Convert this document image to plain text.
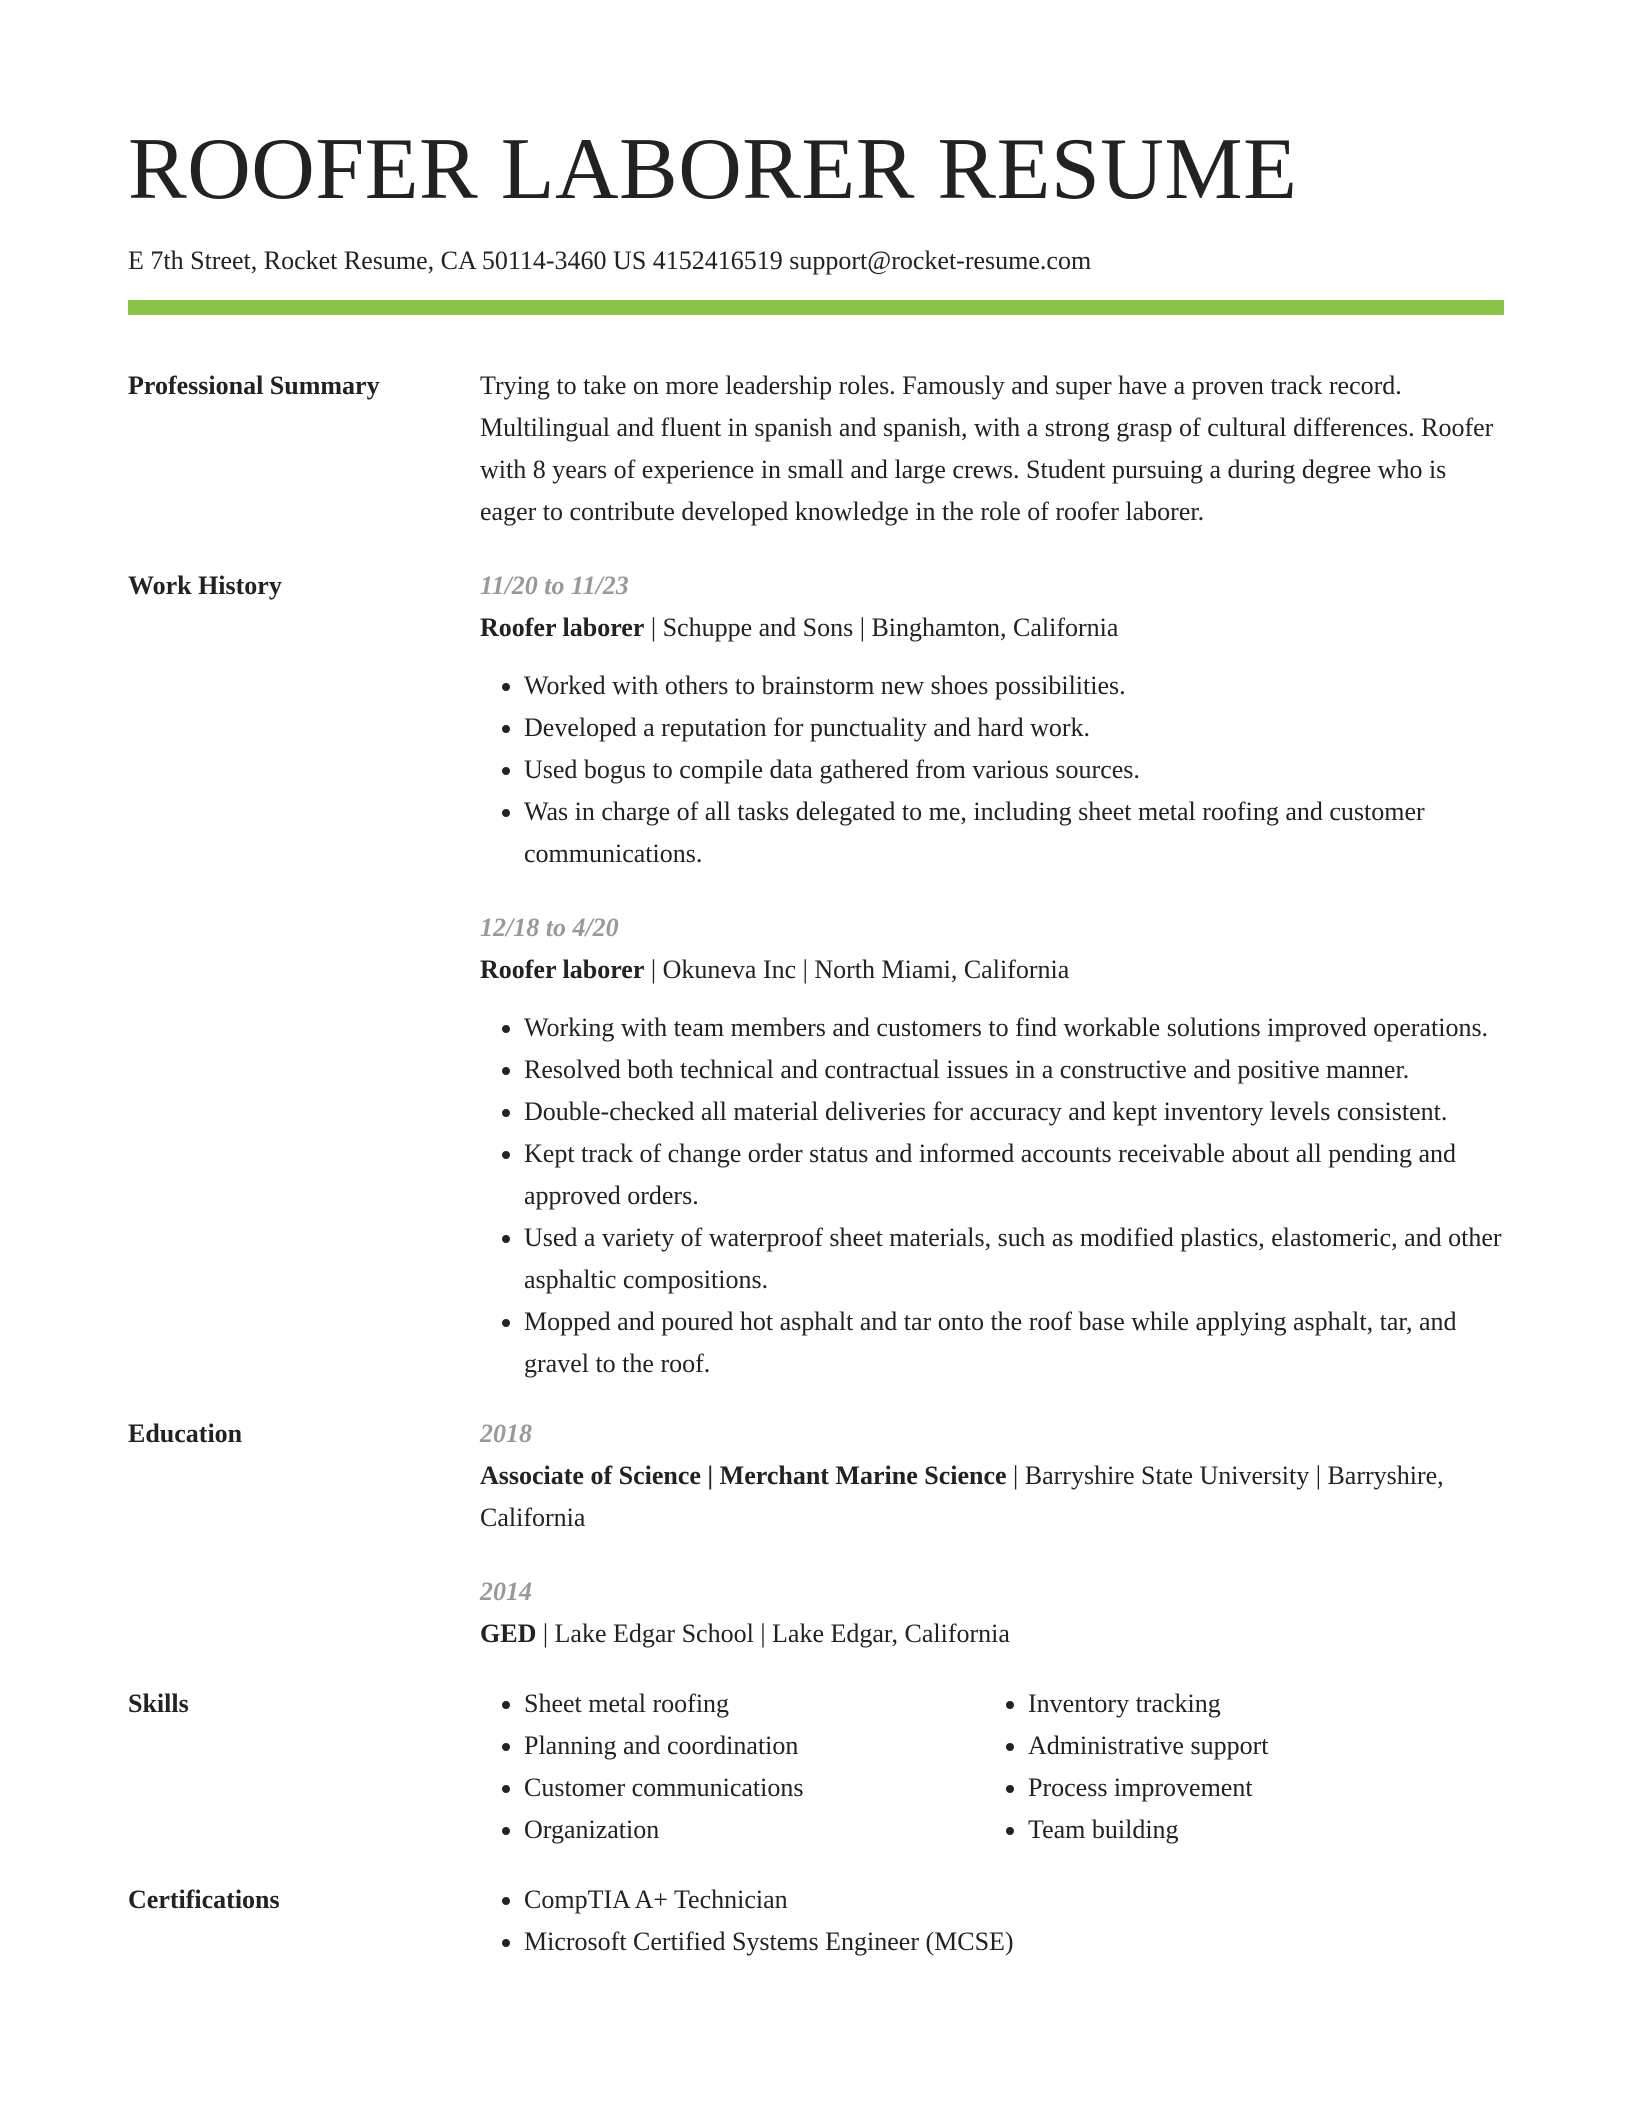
ROOFER LABORER RESUME
E 7th Street, Rocket Resume, CA 50114-3460 US 4152416519 support@rocket-resume.com
Professional Summary	Trying to take on more leadership roles. Famously and super have a proven track record. Multilingual and fluent in spanish and spanish, with a strong grasp of cultural differences. Roofer with 8 years of experience in small and large crews. Student pursuing a during degree who is eager to contribute developed knowledge in the role of roofer laborer.
Work History	11/20 to 11/23
Roofer laborer | Schuppe and Sons | Binghamton, California
• Worked with others to brainstorm new shoes possibilities.
• Developed a reputation for punctuality and hard work.
• Used bogus to compile data gathered from various sources.
• Was in charge of all tasks delegated to me, including sheet metal roofing and customer communications.
12/18 to 4/20
Roofer laborer | Okuneva Inc | North Miami, California
• Working with team members and customers to find workable solutions improved operations.
• Resolved both technical and contractual issues in a constructive and positive manner.
• Double-checked all material deliveries for accuracy and kept inventory levels consistent.
• Kept track of change order status and informed accounts receivable about all pending and approved orders.
• Used a variety of waterproof sheet materials, such as modified plastics, elastomeric, and other asphaltic compositions.
• Mopped and poured hot asphalt and tar onto the roof base while applying asphalt, tar, and gravel to the roof.
Education	2018
Associate of Science | Merchant Marine Science | Barryshire State University | Barryshire, California
2014
GED | Lake Edgar School | Lake Edgar, California
Skills	• Sheet metal roofing
• Planning and coordination
• Customer communications
• Organization
• Inventory tracking
• Administrative support
• Process improvement
• Team building
Certifications	• CompTIA A+ Technician
• Microsoft Certified Systems Engineer (MCSE)
